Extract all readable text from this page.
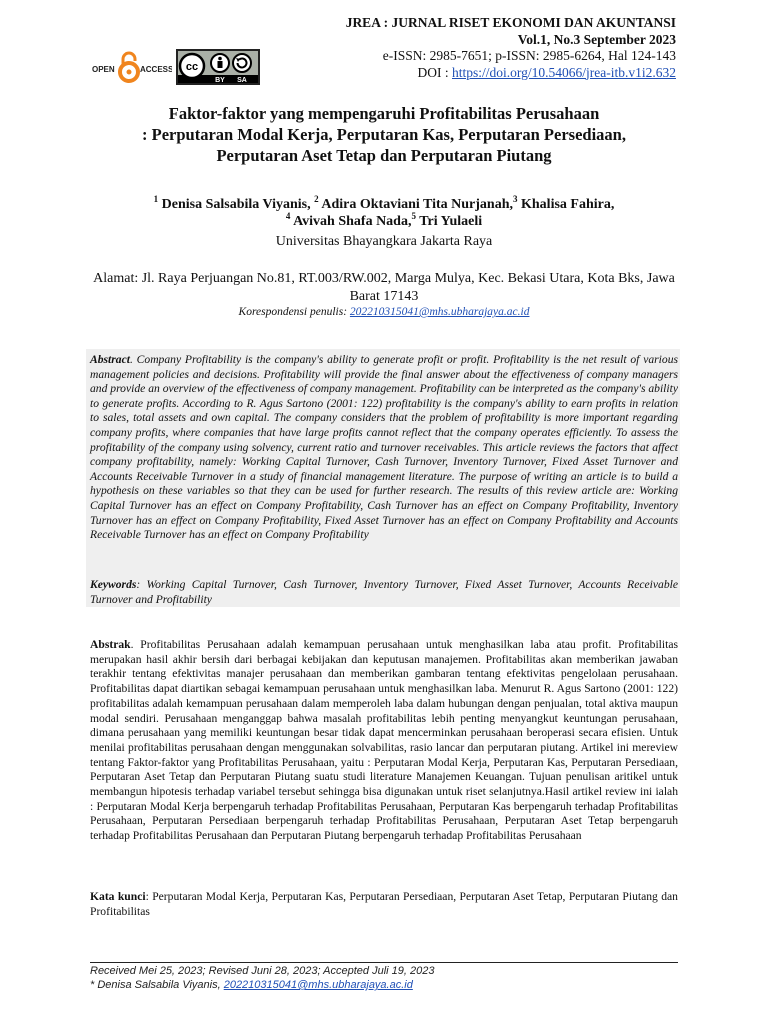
OPEN	ACCESS cc
BY SA
JREA : JURNAL RISET EKONOMI DAN AKUNTANSI
Vol.1, No.3 September 2023
e-ISSN: 2985-7651; p-ISSN: 2985-6264, Hal 124-143
DOI : https://doi.org/10.54066/jrea-itb.v1i2.632
Faktor-faktor yang mempengaruhi Profitabilitas Perusahaan
: Perputaran Modal Kerja, Perputaran Kas, Perputaran Persediaan,
Perputaran Aset Tetap dan Perputaran Piutang
$^1$ Denisa Salsabila Viyanis, $^2$ Adira Oktaviani Tita Nurjanah,$^3$ Khalisa Fahira,
$^4$ Avivah Shafa Nada,$^5$ Tri Yulaeli
Universitas Bhayangkara Jakarta Raya
Alamat: Jl. Raya Perjuangan No.81, RT.003/RW.002, Marga Mulya, Kec. Bekasi Utara, Kota Bks, Jawa Barat 17143
Korespondensi penulis: 202210315041@mhs.ubharajaya.ac.id
Abstract. Company Profitability is the company's ability to generate profit or profit. Profitability is the net result of various management policies and decisions. Profitability will provide the final answer about the effectiveness of company managers and provide an overview of the effectiveness of company management. Profitability can be interpreted as the company's ability to generate profits. According to R. Agus Sartono (2001: 122) profitability is the company's ability to earn profits in relation to sales, total assets and own capital. The company considers that the problem of profitability is more important regarding company profits, where companies that have large profits cannot reflect that the company operates efficiently. To assess the profitability of the company using solvency, current ratio and turnover receivables. This article reviews the factors that affect company profitability, namely: Working Capital Turnover, Cash Turnover, Inventory Turnover, Fixed Asset Turnover and Accounts Receivable Turnover in a study of financial management literature. The purpose of writing an article is to build a hypothesis on these variables so that they can be used for further research. The results of this review article are: Working Capital Turnover has an effect on Company Profitability, Cash Turnover has an effect on Company Profitability, Inventory Turnover has an effect on Company Profitability, Fixed Asset Turnover has an effect on Company Profitability and Accounts Receivable Turnover has an effect on Company Profitability
Keywords: Working Capital Turnover, Cash Turnover, Inventory Turnover, Fixed Asset Turnover, Accounts Receivable Turnover and Profitability
Abstrak. Profitabilitas Perusahaan adalah kemampuan perusahaan untuk menghasilkan laba atau profit. Profitabilitas merupakan hasil akhir bersih dari berbagai kebijakan dan keputusan manajemen. Profitabilitas akan memberikan jawaban terakhir tentang efektivitas manajer perusahaan dan memberikan gambaran tentang efektivitas pengelolaan perusahaan. Profitabilitas dapat diartikan sebagai kemampuan perusahaan untuk menghasilkan laba. Menurut R. Agus Sartono (2001: 122) profitabilitas adalah kemampuan perusahaan dalam memperoleh laba dalam hubungan dengan penjualan, total aktiva maupun modal sendiri. Perusahaan menganggap bahwa masalah profitabilitas lebih penting menyangkut keuntungan perusahaan, dimana perusahaan yang memiliki keuntungan besar tidak dapat mencerminkan perusahaan beroperasi secara efisien. Untuk menilai profitabilitas perusahaan dengan menggunakan solvabilitas, rasio lancar dan perputaran piutang. Artikel ini mereview tentang Faktor-faktor yang Profitabilitas Perusahaan, yaitu : Perputaran Modal Kerja, Perputaran Kas, Perputaran Persediaan, Perputaran Aset Tetap dan Perputaran Piutang suatu studi literature Manajemen Keuangan. Tujuan penulisan aritikel untuk membangun hipotesis terhadap variabel tersebut sehingga bisa digunakan untuk riset selanjutnya.Hasil artikel review ini ialah : Perputaran Modal Kerja berpengaruh terhadap Profitabilitas Perusahaan, Perputaran Kas berpengaruh terhadap Profitabilitas Perusahaan, Perputaran Persediaan berpengaruh terhadap Profitabilitas Perusahaan, Perputaran Aset Tetap berpengaruh terhadap Profitabilitas Perusahaan dan Perputaran Piutang berpengaruh terhadap Profitabilitas Perusahaan
Kata kunci: Perputaran Modal Kerja, Perputaran Kas, Perputaran Persediaan, Perputaran Aset Tetap, Perputaran Piutang dan Profitabilitas
Received Mei 25, 2023; Revised Juni 28, 2023; Accepted Juli 19, 2023
* Denisa Salsabila Viyanis, 202210315041@mhs.ubharajaya.ac.id
